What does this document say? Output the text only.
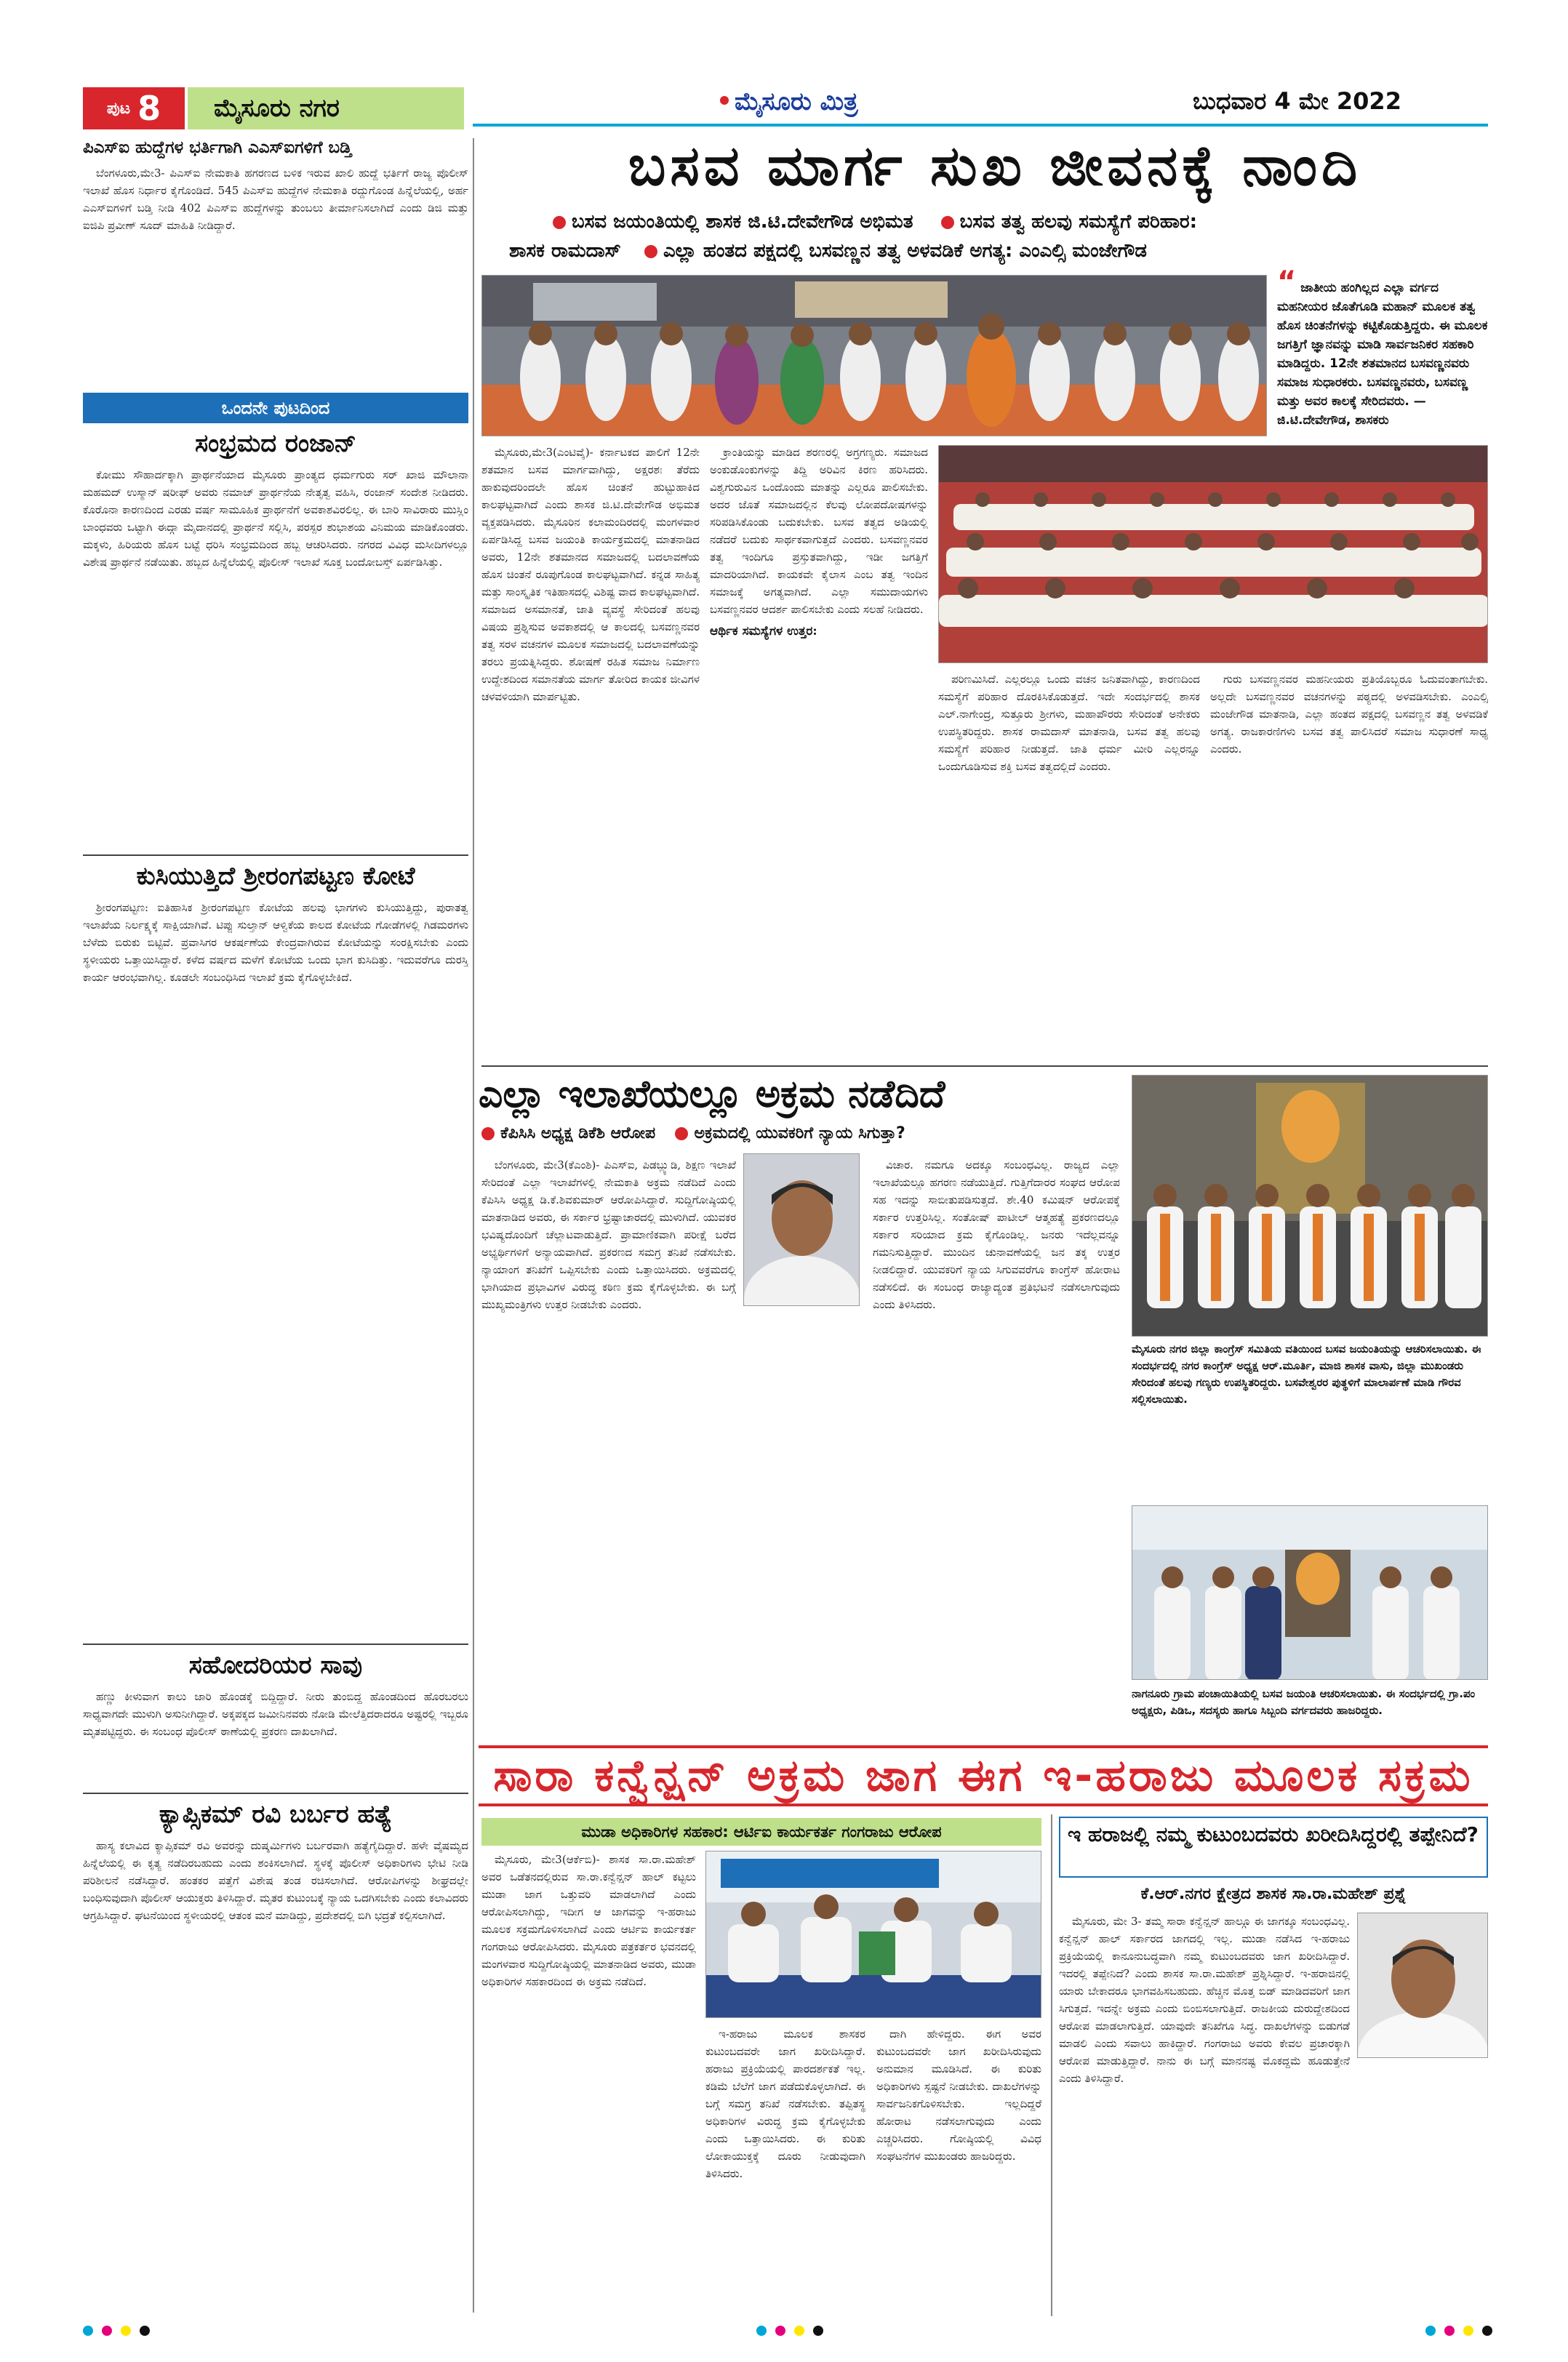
ಪುಟ 8	ಮೈಸೂರು ನಗರ	ಮೈಸೂರು ಮಿತ್ರ	ಬುಧವಾರ 4 ಮೇ 2022
ಪಿಎಸ್ಐ ಹುದ್ದೆಗಳ ಭರ್ತಿಗಾಗಿ ಎಎಸ್ಐಗಳಿಗೆ ಬಡ್ತಿ

ಬೆಂಗಳೂರು,ಮೇ3- ಪಿಎಸ್ಐ ನೇಮಕಾತಿ ಹಗರಣದ ಬಳಿಕ ಇರುವ ಖಾಲಿ ಹುದ್ದೆ ಭರ್ತಿಗೆ ರಾಜ್ಯ ಪೊಲೀಸ್ ಇಲಾಖೆ ಹೊಸ ನಿರ್ಧಾರ ಕೈಗೊಂಡಿದೆ. 545 ಪಿಎಸ್ಐ ಹುದ್ದೆಗಳ ನೇಮಕಾತಿ ರದ್ದುಗೊಂಡ ಹಿನ್ನೆಲೆಯಲ್ಲಿ, ಅರ್ಹ ಎಎಸ್ಐಗಳಿಗೆ ಬಡ್ತಿ ನೀಡಿ 402 ಪಿಎಸ್ಐ ಹುದ್ದೆಗಳನ್ನು ತುಂಬಲು ತೀರ್ಮಾನಿಸಲಾಗಿದೆ ಎಂದು ಡಿಜಿ ಮತ್ತು ಐಜಿಪಿ ಪ್ರವೀಣ್ ಸೂದ್ ಮಾಹಿತಿ ನೀಡಿದ್ದಾರೆ.

ಒಂದನೇ ಪುಟದಿಂದ
ಸಂಭ್ರಮದ ರಂಜಾನ್

ಕೋಮು ಸೌಹಾರ್ದಕ್ಕಾಗಿ ಪ್ರಾರ್ಥನೆಯಾದ ಮೈಸೂರು ಪ್ರಾಂತ್ಯದ ಧರ್ಮಗುರು ಸರ್ ಖಾಜಿ ಮೌಲಾನಾ ಮಹಮದ್ ಉಸ್ಮಾನ್ ಷರೀಫ್ ಅವರು ನಮಾಜ್ ಪ್ರಾರ್ಥನೆಯ ನೇತೃತ್ವ ವಹಿಸಿ, ರಂಜಾನ್ ಸಂದೇಶ ನೀಡಿದರು. ಕೊರೊನಾ ಕಾರಣದಿಂದ ಎರಡು ವರ್ಷ ಸಾಮೂಹಿಕ ಪ್ರಾರ್ಥನೆಗೆ ಅವಕಾಶವಿರಲಿಲ್ಲ. ಈ ಬಾರಿ ಸಾವಿರಾರು ಮುಸ್ಲಿಂ ಬಾಂಧವರು ಒಟ್ಟಾಗಿ ಈದ್ಗಾ ಮೈದಾನದಲ್ಲಿ ಪ್ರಾರ್ಥನೆ ಸಲ್ಲಿಸಿ, ಪರಸ್ಪರ ಶುಭಾಶಯ ವಿನಿಮಯ ಮಾಡಿಕೊಂಡರು. ಮಕ್ಕಳು, ಹಿರಿಯರು ಹೊಸ ಬಟ್ಟೆ ಧರಿಸಿ ಸಂಭ್ರಮದಿಂದ ಹಬ್ಬ ಆಚರಿಸಿದರು. ನಗರದ ವಿವಿಧ ಮಸೀದಿಗಳಲ್ಲೂ ವಿಶೇಷ ಪ್ರಾರ್ಥನೆ ನಡೆಯಿತು. ಹಬ್ಬದ ಹಿನ್ನೆಲೆಯಲ್ಲಿ ಪೊಲೀಸ್ ಇಲಾಖೆ ಸೂಕ್ತ ಬಂದೋಬಸ್ತ್ ಏರ್ಪಡಿಸಿತ್ತು.

ಕುಸಿಯುತ್ತಿದೆ ಶ್ರೀರಂಗಪಟ್ಟಣ ಕೋಟೆ

ಶ್ರೀರಂಗಪಟ್ಟಣ: ಐತಿಹಾಸಿಕ ಶ್ರೀರಂಗಪಟ್ಟಣ ಕೋಟೆಯ ಹಲವು ಭಾಗಗಳು ಕುಸಿಯುತ್ತಿದ್ದು, ಪುರಾತತ್ವ ಇಲಾಖೆಯ ನಿರ್ಲಕ್ಷ್ಯಕ್ಕೆ ಸಾಕ್ಷಿಯಾಗಿವೆ. ಟಿಪ್ಪು ಸುಲ್ತಾನ್ ಆಳ್ವಿಕೆಯ ಕಾಲದ ಕೋಟೆಯ ಗೋಡೆಗಳಲ್ಲಿ ಗಿಡಮರಗಳು ಬೆಳೆದು ಬಿರುಕು ಬಿಟ್ಟಿವೆ. ಪ್ರವಾಸಿಗರ ಆಕರ್ಷಣೆಯ ಕೇಂದ್ರವಾಗಿರುವ ಕೋಟೆಯನ್ನು ಸಂರಕ್ಷಿಸಬೇಕು ಎಂದು ಸ್ಥಳೀಯರು ಒತ್ತಾಯಿಸಿದ್ದಾರೆ. ಕಳೆದ ವರ್ಷದ ಮಳೆಗೆ ಕೋಟೆಯ ಒಂದು ಭಾಗ ಕುಸಿದಿತ್ತು. ಇದುವರೆಗೂ ದುರಸ್ತಿ ಕಾರ್ಯ ಆರಂಭವಾಗಿಲ್ಲ. ಕೂಡಲೇ ಸಂಬಂಧಿಸಿದ ಇಲಾಖೆ ಕ್ರಮ ಕೈಗೊಳ್ಳಬೇಕಿದೆ.

ಸಹೋದರಿಯರ ಸಾವು

ಹಣ್ಣು ಕೀಳುವಾಗ ಕಾಲು ಜಾರಿ ಹೊಂಡಕ್ಕೆ ಬಿದ್ದಿದ್ದಾರೆ. ನೀರು ತುಂಬಿದ್ದ ಹೊಂಡದಿಂದ ಹೊರಬರಲು ಸಾಧ್ಯವಾಗದೇ ಮುಳುಗಿ ಅಸುನೀಗಿದ್ದಾರೆ. ಅಕ್ಕಪಕ್ಕದ ಜಮೀನಿನವರು ನೋಡಿ ಮೇಲೆತ್ತಿದರಾದರೂ ಅಷ್ಟರಲ್ಲಿ ಇಬ್ಬರೂ ಮೃತಪಟ್ಟಿದ್ದರು. ಈ ಸಂಬಂಧ ಪೊಲೀಸ್ ಠಾಣೆಯಲ್ಲಿ ಪ್ರಕರಣ ದಾಖಲಾಗಿದೆ.

ಕ್ಯಾಪ್ಸಿಕಮ್ ರವಿ ಬರ್ಬರ ಹತ್ಯೆ

ಹಾಸ್ಯ ಕಲಾವಿದ ಕ್ಯಾಪ್ಸಿಕಮ್ ರವಿ ಅವರನ್ನು ದುಷ್ಕರ್ಮಿಗಳು ಬರ್ಬರವಾಗಿ ಹತ್ಯೆಗೈದಿದ್ದಾರೆ. ಹಳೇ ವೈಷಮ್ಯದ ಹಿನ್ನೆಲೆಯಲ್ಲಿ ಈ ಕೃತ್ಯ ನಡೆದಿರಬಹುದು ಎಂದು ಶಂಕಿಸಲಾಗಿದೆ. ಸ್ಥಳಕ್ಕೆ ಪೊಲೀಸ್ ಅಧಿಕಾರಿಗಳು ಭೇಟಿ ನೀಡಿ ಪರಿಶೀಲನೆ ನಡೆಸಿದ್ದಾರೆ. ಹಂತಕರ ಪತ್ತೆಗೆ ವಿಶೇಷ ತಂಡ ರಚಿಸಲಾಗಿದೆ. ಆರೋಪಿಗಳನ್ನು ಶೀಘ್ರದಲ್ಲೇ ಬಂಧಿಸುವುದಾಗಿ ಪೊಲೀಸ್ ಆಯುಕ್ತರು ತಿಳಿಸಿದ್ದಾರೆ. ಮೃತರ ಕುಟುಂಬಕ್ಕೆ ನ್ಯಾಯ ಒದಗಿಸಬೇಕು ಎಂದು ಕಲಾವಿದರು ಆಗ್ರಹಿಸಿದ್ದಾರೆ. ಘಟನೆಯಿಂದ ಸ್ಥಳೀಯರಲ್ಲಿ ಆತಂಕ ಮನೆ ಮಾಡಿದ್ದು, ಪ್ರದೇಶದಲ್ಲಿ ಬಿಗಿ ಭದ್ರತೆ ಕಲ್ಪಿಸಲಾಗಿದೆ.

ಬಸವ ಮಾರ್ಗ ಸುಖ ಜೀವನಕ್ಕೆ ನಾಂದಿ
ಬಸವ ಜಯಂತಿಯಲ್ಲಿ ಶಾಸಕ ಜಿ.ಟಿ.ದೇವೇಗೌಡ ಅಭಿಮತ ಬಸವ ತತ್ವ ಹಲವು ಸಮಸ್ಯೆಗೆ ಪರಿಹಾರ:
ಶಾಸಕ ರಾಮದಾಸ್ ಎಲ್ಲಾ ಹಂತದ ಪಕ್ಷದಲ್ಲಿ ಬಸವಣ್ಣನ ತತ್ವ ಅಳವಡಿಕೆ ಅಗತ್ಯ: ಎಂಎಲ್ಸಿ ಮಂಜೇಗೌಡ
“ ಜಾತೀಯ ಹಂಗಿಲ್ಲದ ಎಲ್ಲಾ ವರ್ಗದ ಮಹನೀಯರ ಜೊತೆಗೂಡಿ ಮಹಾನ್ ಮೂಲಕ ತತ್ವ ಹೊಸ ಚಿಂತನೆಗಳನ್ನು ಕಟ್ಟಿಕೊಡುತ್ತಿದ್ದರು. ಈ ಮೂಲಕ ಜಗತ್ತಿಗೆ ಜ್ಞಾನವನ್ನು ಮಾಡಿ ಸಾರ್ವಜನಿಕರ ಸಹಕಾರಿ ಮಾಡಿದ್ದರು. 12ನೇ ಶತಮಾನದ ಬಸವಣ್ಣನವರು ಸಮಾಜ ಸುಧಾರಕರು. ಬಸವಣ್ಣನವರು, ಬಸವಣ್ಣ ಮತ್ತು ಅವರ ಕಾಲಕ್ಕೆ ಸೇರಿದವರು. — ಜಿ.ಟಿ.ದೇವೇಗೌಡ, ಶಾಸಕರು

ಮೈಸೂರು,ಮೇ3(ಎಂಟಿವೈ)- ಕರ್ನಾಟಕದ ಪಾಲಿಗೆ 12ನೇ ಶತಮಾನ ಬಸವ ಮಾರ್ಗವಾಗಿದ್ದು, ಅಕ್ಷರಶಃ ತೆರೆದು ಹಾಕುವುದರಿಂದಲೇ ಹೊಸ ಚಿಂತನೆ ಹುಟ್ಟುಹಾಕಿದ ಕಾಲಘಟ್ಟವಾಗಿದೆ ಎಂದು ಶಾಸಕ ಜಿ.ಟಿ.ದೇವೇಗೌಡ ಅಭಿಮತ ವ್ಯಕ್ತಪಡಿಸಿದರು. ಮೈಸೂರಿನ ಕಲಾಮಂದಿರದಲ್ಲಿ ಮಂಗಳವಾರ ಏರ್ಪಡಿಸಿದ್ದ ಬಸವ ಜಯಂತಿ ಕಾರ್ಯಕ್ರಮದಲ್ಲಿ ಮಾತನಾಡಿದ ಅವರು, 12ನೇ ಶತಮಾನದ ಸಮಾಜದಲ್ಲಿ ಬದಲಾವಣೆಯ ಹೊಸ ಚಿಂತನೆ ರೂಪುಗೊಂಡ ಕಾಲಘಟ್ಟವಾಗಿದೆ. ಕನ್ನಡ ಸಾಹಿತ್ಯ ಮತ್ತು ಸಾಂಸ್ಕೃತಿಕ ಇತಿಹಾಸದಲ್ಲಿ ವಿಶಿಷ್ಟ ವಾದ ಕಾಲಘಟ್ಟವಾಗಿದೆ. ಸಮಾಜದ ಅಸಮಾನತೆ, ಜಾತಿ ವ್ಯವಸ್ಥೆ ಸೇರಿದಂತೆ ಹಲವು ವಿಷಯ ಪ್ರಶ್ನಿಸುವ ಅವಕಾಶದಲ್ಲಿ ಆ ಕಾಲದಲ್ಲಿ ಬಸವಣ್ಣನವರ ತತ್ವ ಸರಳ ವಚನಗಳ ಮೂಲಕ ಸಮಾಜದಲ್ಲಿ ಬದಲಾವಣೆಯನ್ನು ತರಲು ಪ್ರಯತ್ನಿಸಿದ್ದರು. ಶೋಷಣೆ ರಹಿತ ಸಮಾಜ ನಿರ್ಮಾಣ ಉದ್ದೇಶದಿಂದ ಸಮಾನತೆಯ ಮಾರ್ಗ ತೋರಿದ ಕಾಯಕ ಜೀವಿಗಳ ಚಳವಳಿಯಾಗಿ ಮಾರ್ಪಟ್ಟಿತು.

ಕ್ರಾಂತಿಯನ್ನು ಮಾಡಿದ ಶರಣರಲ್ಲಿ ಅಗ್ರಗಣ್ಯರು. ಸಮಾಜದ ಅಂಕುಡೊಂಕುಗಳನ್ನು ತಿದ್ದಿ ಅರಿವಿನ ಕಿರಣ ಹರಿಸಿದರು. ವಿಶ್ವಗುರುವಿನ ಒಂದೊಂದು ಮಾತನ್ನು ಎಲ್ಲರೂ ಪಾಲಿಸಬೇಕು. ಅದರ ಜೊತೆ ಸಮಾಜದಲ್ಲಿನ ಕೆಲವು ಲೋಪದೋಷಗಳನ್ನು ಸರಿಪಡಿಸಿಕೊಂಡು ಬದುಕಬೇಕು. ಬಸವ ತತ್ವದ ಅಡಿಯಲ್ಲಿ ನಡೆದರೆ ಬದುಕು ಸಾರ್ಥಕವಾಗುತ್ತದೆ ಎಂದರು. ಬಸವಣ್ಣನವರ ತತ್ವ ಇಂದಿಗೂ ಪ್ರಸ್ತುತವಾಗಿದ್ದು, ಇಡೀ ಜಗತ್ತಿಗೆ ಮಾದರಿಯಾಗಿದೆ. ಕಾಯಕವೇ ಕೈಲಾಸ ಎಂಬ ತತ್ವ ಇಂದಿನ ಸಮಾಜಕ್ಕೆ ಅಗತ್ಯವಾಗಿದೆ. ಎಲ್ಲಾ ಸಮುದಾಯಗಳು ಬಸವಣ್ಣನವರ ಆದರ್ಶ ಪಾಲಿಸಬೇಕು ಎಂದು ಸಲಹೆ ನೀಡಿದರು.

ಆರ್ಥಿಕ ಸಮಸ್ಯೆಗಳ ಉತ್ತರ:

ಪರಿಣಮಿಸಿದೆ. ಎಲ್ಲರಲ್ಲೂ ಒಂದು ವಚನ ಜನಿತವಾಗಿದ್ದು, ಕಾರಣದಿಂದ ಸಮಸ್ಯೆಗೆ ಪರಿಹಾರ ದೊರಕಿಸಿಕೊಡುತ್ತದೆ. ಇದೇ ಸಂದರ್ಭದಲ್ಲಿ ಶಾಸಕ ಎಲ್.ನಾಗೇಂದ್ರ, ಸುತ್ತೂರು ಶ್ರೀಗಳು, ಮಹಾಪೌರರು ಸೇರಿದಂತೆ ಅನೇಕರು ಉಪಸ್ಥಿತರಿದ್ದರು. ಶಾಸಕ ರಾಮದಾಸ್ ಮಾತನಾಡಿ, ಬಸವ ತತ್ವ ಹಲವು ಸಮಸ್ಯೆಗೆ ಪರಿಹಾರ ನೀಡುತ್ತದೆ. ಜಾತಿ ಧರ್ಮ ಮೀರಿ ಎಲ್ಲರನ್ನೂ ಒಂದುಗೂಡಿಸುವ ಶಕ್ತಿ ಬಸವ ತತ್ವದಲ್ಲಿದೆ ಎಂದರು.

ಗುರು ಬಸವಣ್ಣನವರ ಮಹನೀಯರು ಪ್ರತಿಯೊಬ್ಬರೂ ಓದುವಂತಾಗಬೇಕು. ಅಲ್ಲದೇ ಬಸವಣ್ಣನವರ ವಚನಗಳನ್ನು ಪಠ್ಯದಲ್ಲಿ ಅಳವಡಿಸಬೇಕು. ಎಂಎಲ್ಸಿ ಮಂಜೇಗೌಡ ಮಾತನಾಡಿ, ಎಲ್ಲಾ ಹಂತದ ಪಕ್ಷದಲ್ಲಿ ಬಸವಣ್ಣನ ತತ್ವ ಅಳವಡಿಕೆ ಅಗತ್ಯ. ರಾಜಕಾರಣಿಗಳು ಬಸವ ತತ್ವ ಪಾಲಿಸಿದರೆ ಸಮಾಜ ಸುಧಾರಣೆ ಸಾಧ್ಯ ಎಂದರು.

ಎಲ್ಲಾ ಇಲಾಖೆಯಲ್ಲೂ ಅಕ್ರಮ ನಡೆದಿದೆ
ಕೆಪಿಸಿಸಿ ಅಧ್ಯಕ್ಷ ಡಿಕೆಶಿ ಆರೋಪ ಅಕ್ರಮದಲ್ಲಿ ಯುವಕರಿಗೆ ನ್ಯಾಯ ಸಿಗುತ್ತಾ?

ಬೆಂಗಳೂರು, ಮೇ3(ಕೆಎಂಶಿ)- ಪಿಎಸ್ಐ, ಪಿಡಬ್ಲ್ಯುಡಿ, ಶಿಕ್ಷಣ ಇಲಾಖೆ ಸೇರಿದಂತೆ ಎಲ್ಲಾ ಇಲಾಖೆಗಳಲ್ಲಿ ನೇಮಕಾತಿ ಅಕ್ರಮ ನಡೆದಿದೆ ಎಂದು ಕೆಪಿಸಿಸಿ ಅಧ್ಯಕ್ಷ ಡಿ.ಕೆ.ಶಿವಕುಮಾರ್ ಆರೋಪಿಸಿದ್ದಾರೆ. ಸುದ್ದಿಗೋಷ್ಠಿಯಲ್ಲಿ ಮಾತನಾಡಿದ ಅವರು, ಈ ಸರ್ಕಾರ ಭ್ರಷ್ಟಾಚಾರದಲ್ಲಿ ಮುಳುಗಿದೆ. ಯುವಕರ ಭವಿಷ್ಯದೊಂದಿಗೆ ಚೆಲ್ಲಾಟವಾಡುತ್ತಿದೆ. ಪ್ರಾಮಾಣಿಕವಾಗಿ ಪರೀಕ್ಷೆ ಬರೆದ ಅಭ್ಯರ್ಥಿಗಳಿಗೆ ಅನ್ಯಾಯವಾಗಿದೆ. ಪ್ರಕರಣದ ಸಮಗ್ರ ತನಿಖೆ ನಡೆಸಬೇಕು. ನ್ಯಾಯಾಂಗ ತನಿಖೆಗೆ ಒಪ್ಪಿಸಬೇಕು ಎಂದು ಒತ್ತಾಯಿಸಿದರು. ಅಕ್ರಮದಲ್ಲಿ ಭಾಗಿಯಾದ ಪ್ರಭಾವಿಗಳ ವಿರುದ್ಧ ಕಠಿಣ ಕ್ರಮ ಕೈಗೊಳ್ಳಬೇಕು. ಈ ಬಗ್ಗೆ ಮುಖ್ಯಮಂತ್ರಿಗಳು ಉತ್ತರ ನೀಡಬೇಕು ಎಂದರು.

ವಿಚಾರ. ನಮಗೂ ಅದಕ್ಕೂ ಸಂಬಂಧವಿಲ್ಲ. ರಾಜ್ಯದ ಎಲ್ಲಾ ಇಲಾಖೆಯಲ್ಲೂ ಹಗರಣ ನಡೆಯುತ್ತಿದೆ. ಗುತ್ತಿಗೆದಾರರ ಸಂಘದ ಆರೋಪ ಸಹ ಇದನ್ನು ಸಾಬೀತುಪಡಿಸುತ್ತದೆ. ಶೇ.40 ಕಮಿಷನ್ ಆರೋಪಕ್ಕೆ ಸರ್ಕಾರ ಉತ್ತರಿಸಿಲ್ಲ. ಸಂತೋಷ್ ಪಾಟೀಲ್ ಆತ್ಮಹತ್ಯೆ ಪ್ರಕರಣದಲ್ಲೂ ಸರ್ಕಾರ ಸರಿಯಾದ ಕ್ರಮ ಕೈಗೊಂಡಿಲ್ಲ. ಜನರು ಇದೆಲ್ಲವನ್ನೂ ಗಮನಿಸುತ್ತಿದ್ದಾರೆ. ಮುಂದಿನ ಚುನಾವಣೆಯಲ್ಲಿ ಜನ ತಕ್ಕ ಉತ್ತರ ನೀಡಲಿದ್ದಾರೆ. ಯುವಕರಿಗೆ ನ್ಯಾಯ ಸಿಗುವವರೆಗೂ ಕಾಂಗ್ರೆಸ್ ಹೋರಾಟ ನಡೆಸಲಿದೆ. ಈ ಸಂಬಂಧ ರಾಜ್ಯಾದ್ಯಂತ ಪ್ರತಿಭಟನೆ ನಡೆಸಲಾಗುವುದು ಎಂದು ತಿಳಿಸಿದರು.

ಮೈಸೂರು ನಗರ ಜಿಲ್ಲಾ ಕಾಂಗ್ರೆಸ್ ಸಮಿತಿಯ ವತಿಯಿಂದ ಬಸವ ಜಯಂತಿಯನ್ನು ಆಚರಿಸಲಾಯಿತು. ಈ ಸಂದರ್ಭದಲ್ಲಿ ನಗರ ಕಾಂಗ್ರೆಸ್ ಅಧ್ಯಕ್ಷ ಆರ್.ಮೂರ್ತಿ, ಮಾಜಿ ಶಾಸಕ ವಾಸು, ಜಿಲ್ಲಾ ಮುಖಂಡರು ಸೇರಿದಂತೆ ಹಲವು ಗಣ್ಯರು ಉಪಸ್ಥಿತರಿದ್ದರು. ಬಸವೇಶ್ವರರ ಪುತ್ಥಳಿಗೆ ಮಾಲಾರ್ಪಣೆ ಮಾಡಿ ಗೌರವ ಸಲ್ಲಿಸಲಾಯಿತು.
ನಾಗನೂರು ಗ್ರಾಮ ಪಂಚಾಯಿತಿಯಲ್ಲಿ ಬಸವ ಜಯಂತಿ ಆಚರಿಸಲಾಯಿತು. ಈ ಸಂದರ್ಭದಲ್ಲಿ ಗ್ರಾ.ಪಂ ಅಧ್ಯಕ್ಷರು, ಪಿಡಿಒ, ಸದಸ್ಯರು ಹಾಗೂ ಸಿಬ್ಬಂದಿ ವರ್ಗದವರು ಹಾಜರಿದ್ದರು.
ಸಾರಾ ಕನ್ವೆನ್ಷನ್ ಅಕ್ರಮ ಜಾಗ ಈಗ ಇ-ಹರಾಜು ಮೂಲಕ ಸಕ್ರಮ
ಮುಡಾ ಅಧಿಕಾರಿಗಳ ಸಹಕಾರ: ಆರ್ಟಿಐ ಕಾರ್ಯಕರ್ತ ಗಂಗರಾಜು ಆರೋಪ

ಮೈಸೂರು, ಮೇ3(ಆರ್ಕೆಬಿ)- ಶಾಸಕ ಸಾ.ರಾ.ಮಹೇಶ್ ಅವರ ಒಡೆತನದಲ್ಲಿರುವ ಸಾ.ರಾ.ಕನ್ವೆನ್ಷನ್ ಹಾಲ್ ಕಟ್ಟಲು ಮುಡಾ ಜಾಗ ಒತ್ತುವರಿ ಮಾಡಲಾಗಿದೆ ಎಂದು ಆರೋಪಿಸಲಾಗಿದ್ದು, ಇದೀಗ ಆ ಜಾಗವನ್ನು ಇ-ಹರಾಜು ಮೂಲಕ ಸಕ್ರಮಗೊಳಿಸಲಾಗಿದೆ ಎಂದು ಆರ್ಟಿಐ ಕಾರ್ಯಕರ್ತ ಗಂಗರಾಜು ಆರೋಪಿಸಿದರು. ಮೈಸೂರು ಪತ್ರಕರ್ತರ ಭವನದಲ್ಲಿ ಮಂಗಳವಾರ ಸುದ್ದಿಗೋಷ್ಠಿಯಲ್ಲಿ ಮಾತನಾಡಿದ ಅವರು, ಮುಡಾ ಅಧಿಕಾರಿಗಳ ಸಹಕಾರದಿಂದ ಈ ಅಕ್ರಮ ನಡೆದಿದೆ.

ಇ-ಹರಾಜು ಮೂಲಕ ಶಾಸಕರ ಕುಟುಂಬದವರೇ ಜಾಗ ಖರೀದಿಸಿದ್ದಾರೆ. ಹರಾಜು ಪ್ರಕ್ರಿಯೆಯಲ್ಲಿ ಪಾರದರ್ಶಕತೆ ಇಲ್ಲ. ಕಡಿಮೆ ಬೆಲೆಗೆ ಜಾಗ ಪಡೆದುಕೊಳ್ಳಲಾಗಿದೆ. ಈ ಬಗ್ಗೆ ಸಮಗ್ರ ತನಿಖೆ ನಡೆಸಬೇಕು. ತಪ್ಪಿತಸ್ಥ ಅಧಿಕಾರಿಗಳ ವಿರುದ್ಧ ಕ್ರಮ ಕೈಗೊಳ್ಳಬೇಕು ಎಂದು ಒತ್ತಾಯಿಸಿದರು. ಈ ಕುರಿತು ಲೋಕಾಯುಕ್ತಕ್ಕೆ ದೂರು ನೀಡುವುದಾಗಿ ತಿಳಿಸಿದರು.

ದಾಗಿ ಹೇಳಿದ್ದರು. ಈಗ ಅವರ ಕುಟುಂಬದವರೇ ಜಾಗ ಖರೀದಿಸಿರುವುದು ಅನುಮಾನ ಮೂಡಿಸಿದೆ. ಈ ಕುರಿತು ಅಧಿಕಾರಿಗಳು ಸ್ಪಷ್ಟನೆ ನೀಡಬೇಕು. ದಾಖಲೆಗಳನ್ನು ಸಾರ್ವಜನಿಕಗೊಳಿಸಬೇಕು. ಇಲ್ಲದಿದ್ದರೆ ಹೋರಾಟ ನಡೆಸಲಾಗುವುದು ಎಂದು ಎಚ್ಚರಿಸಿದರು. ಗೋಷ್ಠಿಯಲ್ಲಿ ವಿವಿಧ ಸಂಘಟನೆಗಳ ಮುಖಂಡರು ಹಾಜರಿದ್ದರು.

ಇ ಹರಾಜಲ್ಲಿ ನಮ್ಮ ಕುಟುಂಬದವರು ಖರೀದಿಸಿದ್ದರಲ್ಲಿ ತಪ್ಪೇನಿದೆ?
ಕೆ.ಆರ್.ನಗರ ಕ್ಷೇತ್ರದ ಶಾಸಕ ಸಾ.ರಾ.ಮಹೇಶ್ ಪ್ರಶ್ನೆ

ಮೈಸೂರು, ಮೇ 3- ತಮ್ಮ ಸಾರಾ ಕನ್ವೆನ್ಷನ್ ಹಾಲ್ಗೂ ಈ ಜಾಗಕ್ಕೂ ಸಂಬಂಧವಿಲ್ಲ. ಕನ್ವೆನ್ಷನ್ ಹಾಲ್ ಸರ್ಕಾರದ ಜಾಗದಲ್ಲಿ ಇಲ್ಲ. ಮುಡಾ ನಡೆಸಿದ ಇ-ಹರಾಜು ಪ್ರಕ್ರಿಯೆಯಲ್ಲಿ ಕಾನೂನುಬದ್ಧವಾಗಿ ನಮ್ಮ ಕುಟುಂಬದವರು ಜಾಗ ಖರೀದಿಸಿದ್ದಾರೆ. ಇದರಲ್ಲಿ ತಪ್ಪೇನಿದೆ? ಎಂದು ಶಾಸಕ ಸಾ.ರಾ.ಮಹೇಶ್ ಪ್ರಶ್ನಿಸಿದ್ದಾರೆ. ಇ-ಹರಾಜಿನಲ್ಲಿ ಯಾರು ಬೇಕಾದರೂ ಭಾಗವಹಿಸಬಹುದು. ಹೆಚ್ಚಿನ ಮೊತ್ತ ಬಿಡ್ ಮಾಡಿದವರಿಗೆ ಜಾಗ ಸಿಗುತ್ತದೆ. ಇದನ್ನೇ ಅಕ್ರಮ ಎಂದು ಬಿಂಬಿಸಲಾಗುತ್ತಿದೆ. ರಾಜಕೀಯ ದುರುದ್ದೇಶದಿಂದ ಆರೋಪ ಮಾಡಲಾಗುತ್ತಿದೆ. ಯಾವುದೇ ತನಿಖೆಗೂ ಸಿದ್ಧ. ದಾಖಲೆಗಳನ್ನು ಬಿಡುಗಡೆ ಮಾಡಲಿ ಎಂದು ಸವಾಲು ಹಾಕಿದ್ದಾರೆ. ಗಂಗರಾಜು ಅವರು ಕೇವಲ ಪ್ರಚಾರಕ್ಕಾಗಿ ಆರೋಪ ಮಾಡುತ್ತಿದ್ದಾರೆ. ನಾನು ಈ ಬಗ್ಗೆ ಮಾನನಷ್ಟ ಮೊಕದ್ದಮೆ ಹೂಡುತ್ತೇನೆ ಎಂದು ತಿಳಿಸಿದ್ದಾರೆ.
